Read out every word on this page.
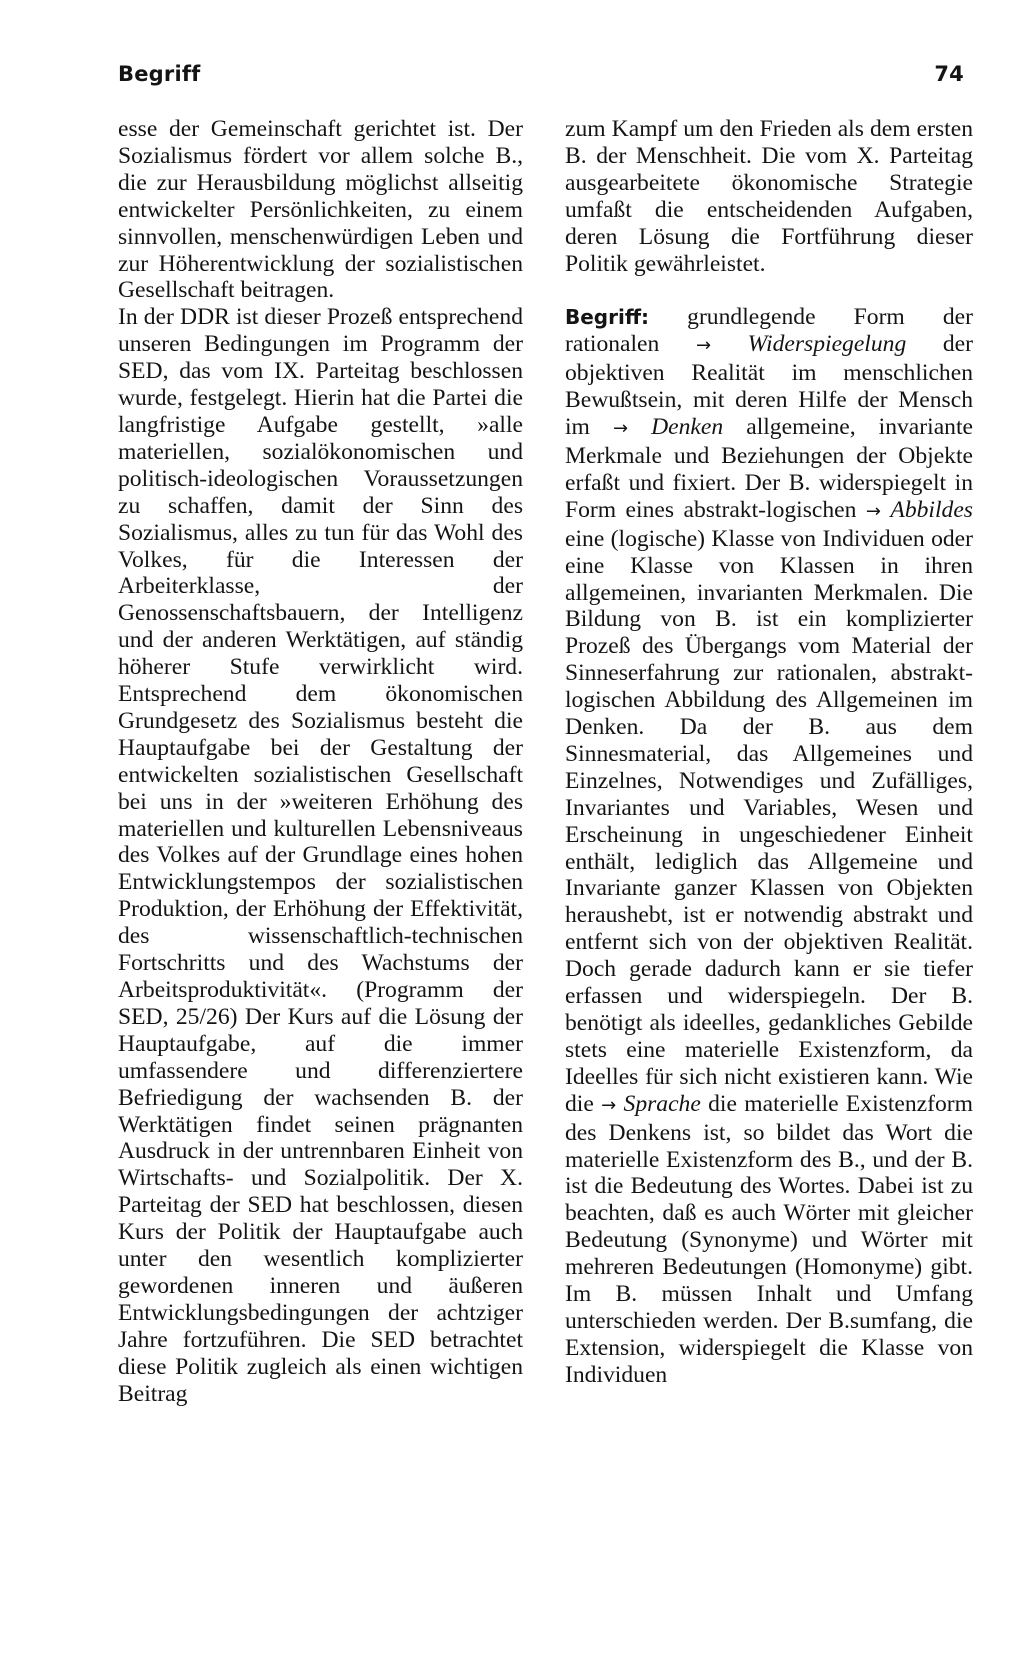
Begriff	74

esse der Gemeinschaft gerichtet ist. Der Sozialismus fördert vor allem solche B., die zur Herausbildung möglichst allseitig entwickelter Persönlichkeiten, zu einem sinnvollen, menschenwürdigen Leben und zur Höherentwicklung der sozialistischen Gesellschaft beitragen.

In der DDR ist dieser Prozeß entsprechend unseren Bedingungen im Programm der SED, das vom IX. Parteitag beschlossen wurde, festgelegt. Hierin hat die Partei die langfristige Aufgabe gestellt, »alle materiellen, sozialökonomischen und politisch-ideologischen Voraussetzungen zu schaffen, damit der Sinn des Sozialismus, alles zu tun für das Wohl des Volkes, für die Interessen der Arbeiterklasse, der Genossenschaftsbauern, der Intelligenz und der anderen Werktätigen, auf ständig höherer Stufe verwirklicht wird. Entsprechend dem ökonomischen Grundgesetz des Sozialismus besteht die Hauptaufgabe bei der Gestaltung der entwickelten sozialistischen Gesellschaft bei uns in der »weiteren Erhöhung des materiellen und kulturellen Lebensniveaus des Volkes auf der Grundlage eines hohen Entwicklungstempos der sozialistischen Produktion, der Erhöhung der Effektivität, des wissenschaftlich-technischen Fortschritts und des Wachstums der Arbeitsproduktivität«. (Programm der SED, 25/26) Der Kurs auf die Lösung der Hauptaufgabe, auf die immer umfassendere und differenziertere Befriedigung der wachsenden B. der Werktätigen findet seinen prägnanten Ausdruck in der untrennbaren Einheit von Wirtschafts- und Sozialpolitik. Der X. Parteitag der SED hat beschlossen, diesen Kurs der Politik der Hauptaufgabe auch unter den wesentlich komplizierter gewordenen inneren und äußeren Entwicklungsbedingungen der achtziger Jahre fortzuführen. Die SED betrachtet diese Politik zugleich als einen wichtigen Beitrag

zum Kampf um den Frieden als dem ersten B. der Menschheit. Die vom X. Parteitag ausgearbeitete ökonomische Strategie umfaßt die entscheidenden Aufgaben, deren Lösung die Fortführung dieser Politik gewährleistet.

Begriff: grundlegende Form der rationalen → Widerspiegelung der objektiven Realität im menschlichen Bewußtsein, mit deren Hilfe der Mensch im → Denken allgemeine, invariante Merkmale und Beziehungen der Objekte erfaßt und fixiert. Der B. widerspiegelt in Form eines abstrakt-logischen → Abbildes eine (logische) Klasse von Individuen oder eine Klasse von Klassen in ihren allgemeinen, invarianten Merkmalen. Die Bildung von B. ist ein komplizierter Prozeß des Übergangs vom Material der Sinneserfahrung zur rationalen, abstrakt-logischen Abbildung des Allgemeinen im Denken. Da der B. aus dem Sinnesmaterial, das Allgemeines und Einzelnes, Notwendiges und Zufälliges, Invariantes und Variables, Wesen und Erscheinung in ungeschiedener Einheit enthält, lediglich das Allgemeine und Invariante ganzer Klassen von Objekten heraushebt, ist er notwendig abstrakt und entfernt sich von der objektiven Realität. Doch gerade dadurch kann er sie tiefer erfassen und widerspiegeln. Der B. benötigt als ideelles, gedankliches Gebilde stets eine materielle Existenzform, da Ideelles für sich nicht existieren kann. Wie die → Sprache die materielle Existenzform des Denkens ist, so bildet das Wort die materielle Existenzform des B., und der B. ist die Bedeutung des Wortes. Dabei ist zu beachten, daß es auch Wörter mit gleicher Bedeutung (Synonyme) und Wörter mit mehreren Bedeutungen (Homonyme) gibt. Im B. müssen Inhalt und Umfang unterschieden werden. Der B.sumfang, die Extension, widerspiegelt die Klasse von Individuen
